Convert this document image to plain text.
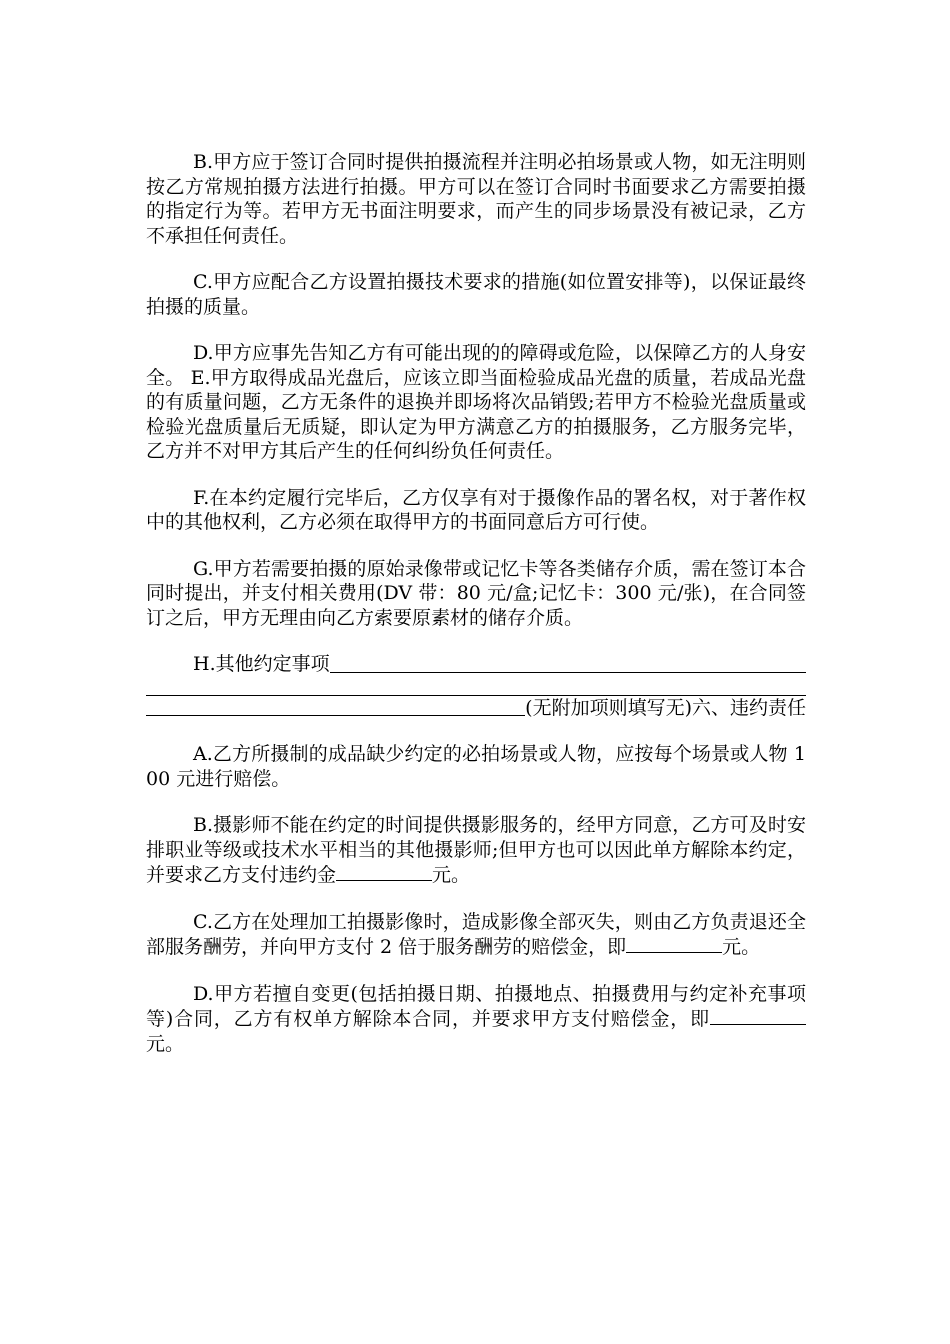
B.甲方应于签订合同时提供拍摄流程并注明必拍场景或人物，如无注明则按乙方常规拍摄方法进行拍摄。甲方可以在签订合同时书面要求乙方需要拍摄的指定行为等。若甲方无书面注明要求，而产生的同步场景没有被记录，乙方不承担任何责任。

C.甲方应配合乙方设置拍摄技术要求的措施(如位置安排等)，以保证最终拍摄的质量。

D.甲方应事先告知乙方有可能出现的的障碍或危险，以保障乙方的人身安全。 E.甲方取得成品光盘后，应该立即当面检验成品光盘的质量，若成品光盘的有质量问题，乙方无条件的退换并即场将次品销毁;若甲方不检验光盘质量或检验光盘质量后无质疑，即认定为甲方满意乙方的拍摄服务，乙方服务完毕，乙方并不对甲方其后产生的任何纠纷负任何责任。

F.在本约定履行完毕后，乙方仅享有对于摄像作品的署名权，对于著作权中的其他权利，乙方必须在取得甲方的书面同意后方可行使。

G.甲方若需要拍摄的原始录像带或记忆卡等各类储存介质，需在签订本合同时提出，并支付相关费用(DV 带：80 元/盒;记忆卡：300 元/张)，在合同签订之后，甲方无理由向乙方索要原素材的储存介质。

H.其他约定事项
(无附加项则填写无)六、违约责任

A.乙方所摄制的成品缺少约定的必拍场景或人物，应按每个场景或人物 100 元进行赔偿。

B.摄影师不能在约定的时间提供摄影服务的，经甲方同意，乙方可及时安排职业等级或技术水平相当的其他摄影师;但甲方也可以因此单方解除本约定，并要求乙方支付违约金	元。

C.乙方在处理加工拍摄影像时，造成影像全部灭失，则由乙方负责退还全部服务酬劳，并向甲方支付 2 倍于服务酬劳的赔偿金，即	元。

D.甲方若擅自变更(包括拍摄日期、拍摄地点、拍摄费用与约定补充事项等)合同，乙方有权单方解除本合同，并要求甲方支付赔偿金，即元。
